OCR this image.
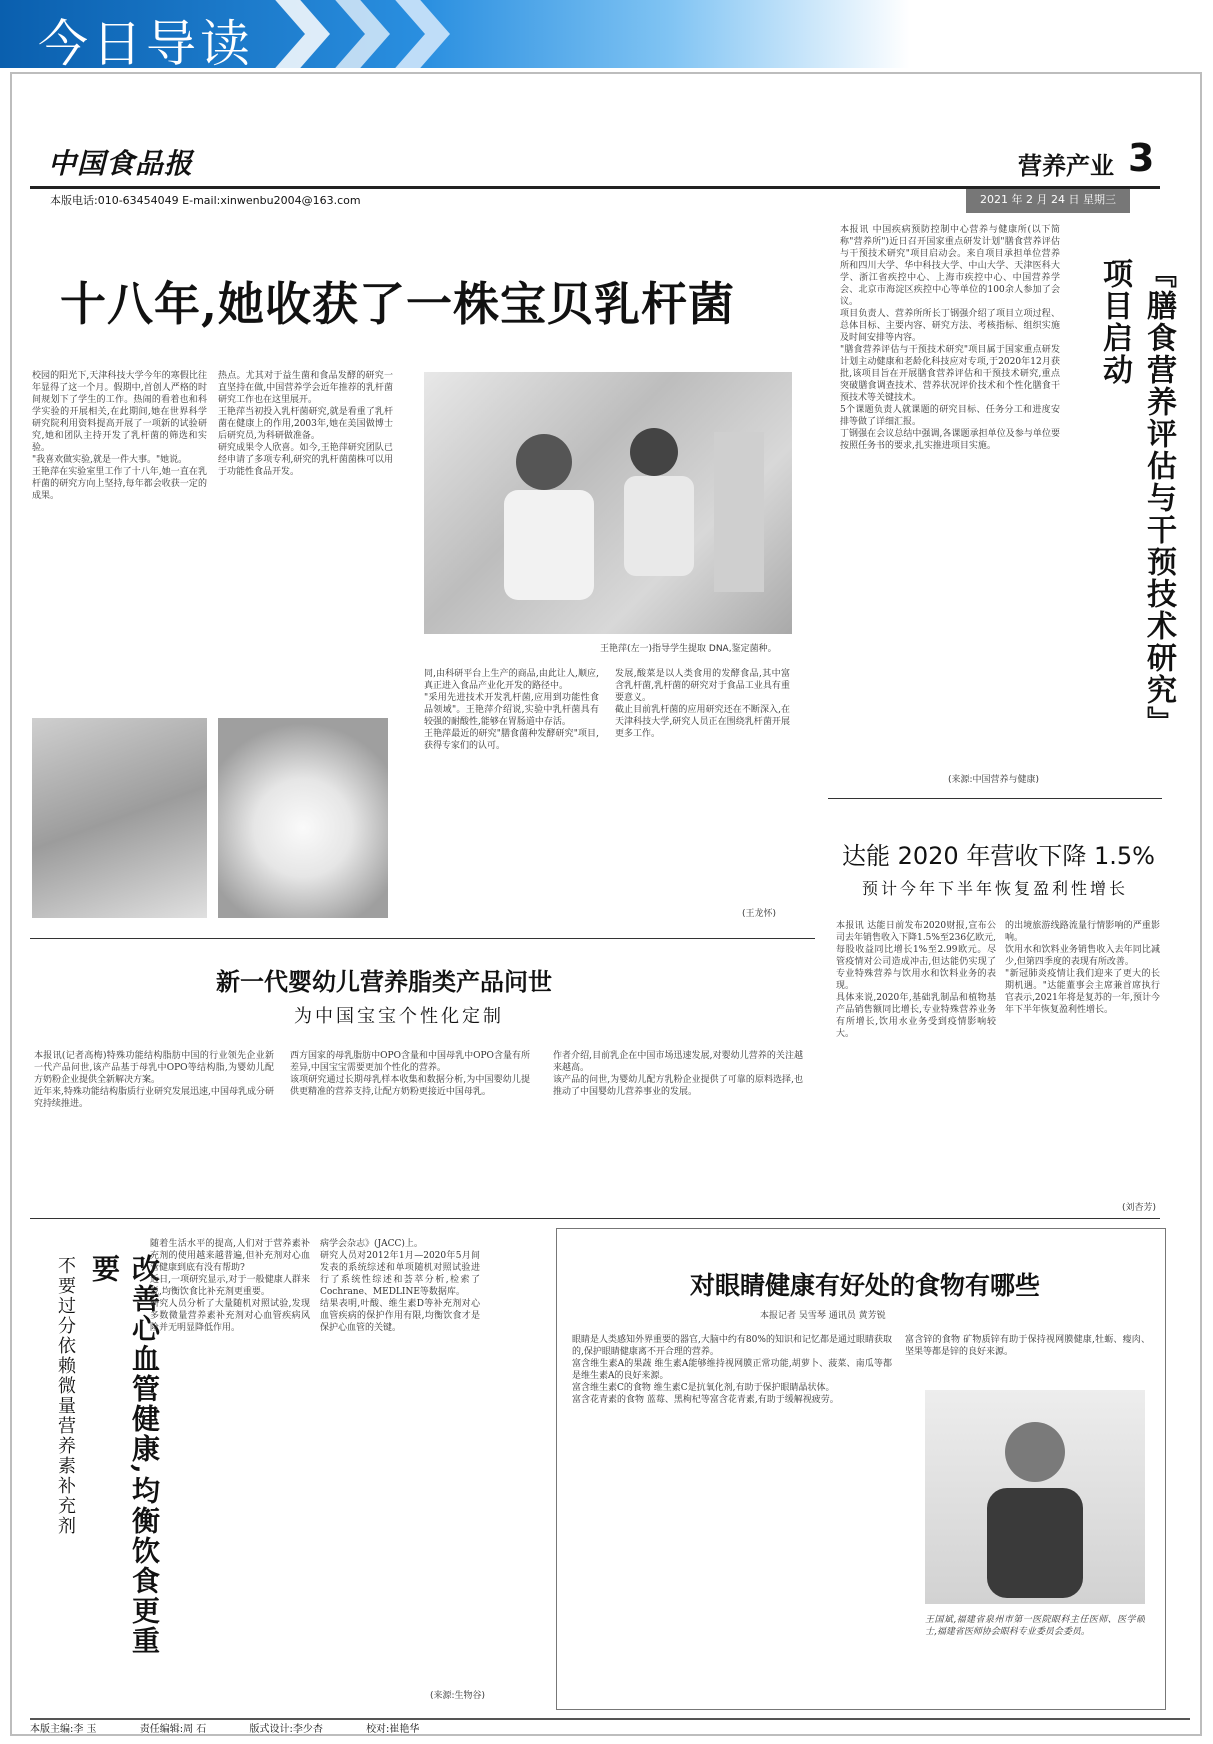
今日导读
中国食品报	营养产业 3
本版电话:010-63454049 E-mail:xinwenbu2004@163.com	2021 年 2 月 24 日 星期三
十八年,她收获了一株宝贝乳杆菌
校园的阳光下,天津科技大学今年的寒假比往年显得了这一个月。假期中,首创人严格的时间规划下了学生的工作。热闹的看着也和科学实验的开展相关,在此期间,她在世界科学研究院利用资料提高开展了一项新的试验研究,她和团队主持开发了乳杆菌的筛选和实验。
"我喜欢做实验,就是一件大事。"她说。
王艳萍在实验室里工作了十八年,她一直在乳杆菌的研究方向上坚持,每年都会收获一定的成果。
热点。尤其对于益生菌和食品发酵的研究一直坚持在做,中国营养学会近年推荐的乳杆菌研究工作也在这里展开。
王艳萍当初投入乳杆菌研究,就是看重了乳杆菌在健康上的作用,2003年,她在美国做博士后研究员,为科研做准备。
研究成果令人欣喜。如今,王艳萍研究团队已经申请了多项专利,研究的乳杆菌菌株可以用于功能性食品开发。
王艳萍(左一)指导学生提取 DNA,鉴定菌种。
同,由科研平台上生产的商品,由此让人,顺应,真正进入食品产业化开发的路径中。
"采用先进技术开发乳杆菌,应用到功能性食品领域"。王艳萍介绍说,实验中乳杆菌具有较强的耐酸性,能够在胃肠道中存活。
王艳萍最近的研究"膳食菌种发酵研究"项目,获得专家们的认可。
发展,酸菜是以人类食用的发酵食品,其中富含乳杆菌,乳杆菌的研究对于食品工业具有重要意义。
截止目前乳杆菌的应用研究还在不断深入,在天津科技大学,研究人员正在围绕乳杆菌开展更多工作。
(王龙怀)
本报讯 中国疾病预防控制中心营养与健康所(以下简称"营养所")近日召开国家重点研发计划"膳食营养评估与干预技术研究"项目启动会。来自项目承担单位营养所和四川大学、华中科技大学、中山大学、天津医科大学、浙江省疾控中心、上海市疾控中心、中国营养学会、北京市海淀区疾控中心等单位的100余人参加了会议。
项目负责人、营养所所长丁钢强介绍了项目立项过程、总体目标、主要内容、研究方法、考核指标、组织实施及时间安排等内容。
"膳食营养评估与干预技术研究"项目属于国家重点研发计划主动健康和老龄化科技应对专项,于2020年12月获批,该项目旨在开展膳食营养评估和干预技术研究,重点突破膳食调查技术、营养状况评价技术和个性化膳食干预技术等关键技术。
5个课题负责人就课题的研究目标、任务分工和进度安排等做了详细汇报。
丁钢强在会议总结中强调,各课题承担单位及参与单位要按照任务书的要求,扎实推进项目实施。	『膳食营养评估与干预技术研究』项目启动
(来源:中国营养与健康)
达能 2020 年营收下降 1.5%
预计今年下半年恢复盈利性增长
本报讯 达能日前发布2020财报,宣布公司去年销售收入下降1.5%至236亿欧元,每股收益同比增长1%至2.99欧元。尽管疫情对公司造成冲击,但达能仍实现了专业特殊营养与饮用水和饮料业务的表现。
具体来说,2020年,基础乳制品和植物基产品销售额同比增长,专业特殊营养业务有所增长,饮用水业务受到疫情影响较大。
的出境旅游线路流量行情影响的严重影响。
饮用水和饮料业务销售收入去年同比减少,但第四季度的表现有所改善。
"新冠肺炎疫情让我们迎来了更大的长期机遇。"达能董事会主席兼首席执行官表示,2021年将是复苏的一年,预计今年下半年恢复盈利性增长。
(刘杏芳)
新一代婴幼儿营养脂类产品问世
为中国宝宝个性化定制
本报讯(记者高梅)特殊功能结构脂肪中国的行业领先企业新一代产品问世,该产品基于母乳中OPO等结构脂,为婴幼儿配方奶粉企业提供全新解决方案。
近年来,特殊功能结构脂质行业研究发展迅速,中国母乳成分研究持续推进。
西方国家的母乳脂肪中OPO含量和中国母乳中OPO含量有所差异,中国宝宝需要更加个性化的营养。
该项研究通过长期母乳样本收集和数据分析,为中国婴幼儿提供更精准的营养支持,让配方奶粉更接近中国母乳。
作者介绍,目前乳企在中国市场迅速发展,对婴幼儿营养的关注越来越高。
该产品的问世,为婴幼儿配方乳粉企业提供了可靠的原料选择,也推动了中国婴幼儿营养事业的发展。
改善心血管健康,均衡饮食更重要
不要过分依赖微量营养素补充剂
随着生活水平的提高,人们对于营养素补充剂的使用越来越普遍,但补充剂对心血管健康到底有没有帮助?
近日,一项研究显示,对于一般健康人群来说,均衡饮食比补充剂更重要。
研究人员分析了大量随机对照试验,发现多数微量营养素补充剂对心血管疾病风险并无明显降低作用。
病学会杂志》(JACC)上。
研究人员对2012年1月—2020年5月间发表的系统综述和单项随机对照试验进行了系统性综述和荟萃分析,检索了Cochrane、MEDLINE等数据库。
结果表明,叶酸、维生素D等补充剂对心血管疾病的保护作用有限,均衡饮食才是保护心血管的关键。
(来源:生物谷)
对眼睛健康有好处的食物有哪些
本报记者 吴雪琴 通讯员 黄芳锐
眼睛是人类感知外界重要的器官,大脑中约有80%的知识和记忆都是通过眼睛获取的,保护眼睛健康离不开合理的营养。
富含维生素A的果蔬 维生素A能够维持视网膜正常功能,胡萝卜、菠菜、南瓜等都是维生素A的良好来源。
富含维生素C的食物 维生素C是抗氧化剂,有助于保护眼睛晶状体。
富含花青素的食物 蓝莓、黑枸杞等富含花青素,有助于缓解视疲劳。
富含锌的食物 矿物质锌有助于保持视网膜健康,牡蛎、瘦肉、坚果等都是锌的良好来源。
王国斌,福建省泉州市第一医院眼科主任医师、医学硕士,福建省医师协会眼科专业委员会委员。
本版主编:李 玉	责任编辑:周 石	版式设计:李少杏	校对:崔艳华
